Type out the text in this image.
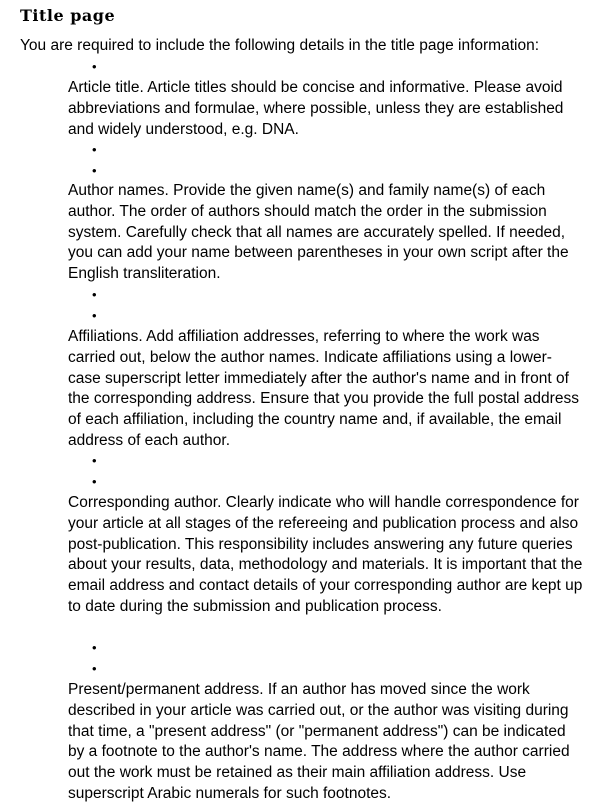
Title page

You are required to include the following details in the title page information:

•

Article title. Article titles should be concise and informative. Please avoid abbreviations and formulae, where possible, unless they are established and widely understood, e.g. DNA.

•
•

Author names. Provide the given name(s) and family name(s) of each author. The order of authors should match the order in the submission system. Carefully check that all names are accurately spelled. If needed, you can add your name between parentheses in your own script after the English transliteration.

•
•

Affiliations. Add affiliation addresses, referring to where the work was carried out, below the author names. Indicate affiliations using a lower-case superscript letter immediately after the author's name and in front of the corresponding address. Ensure that you provide the full postal address of each affiliation, including the country name and, if available, the email address of each author.

•
•

Corresponding author. Clearly indicate who will handle correspondence for your article at all stages of the refereeing and publication process and also post-publication. This responsibility includes answering any future queries about your results, data, methodology and materials. It is important that the email address and contact details of your corresponding author are kept up to date during the submission and publication process.

•
•

Present/permanent address. If an author has moved since the work described in your article was carried out, or the author was visiting during that time, a "present address" (or "permanent address") can be indicated by a footnote to the author's name. The address where the author carried out the work must be retained as their main affiliation address. Use superscript Arabic numerals for such footnotes.
